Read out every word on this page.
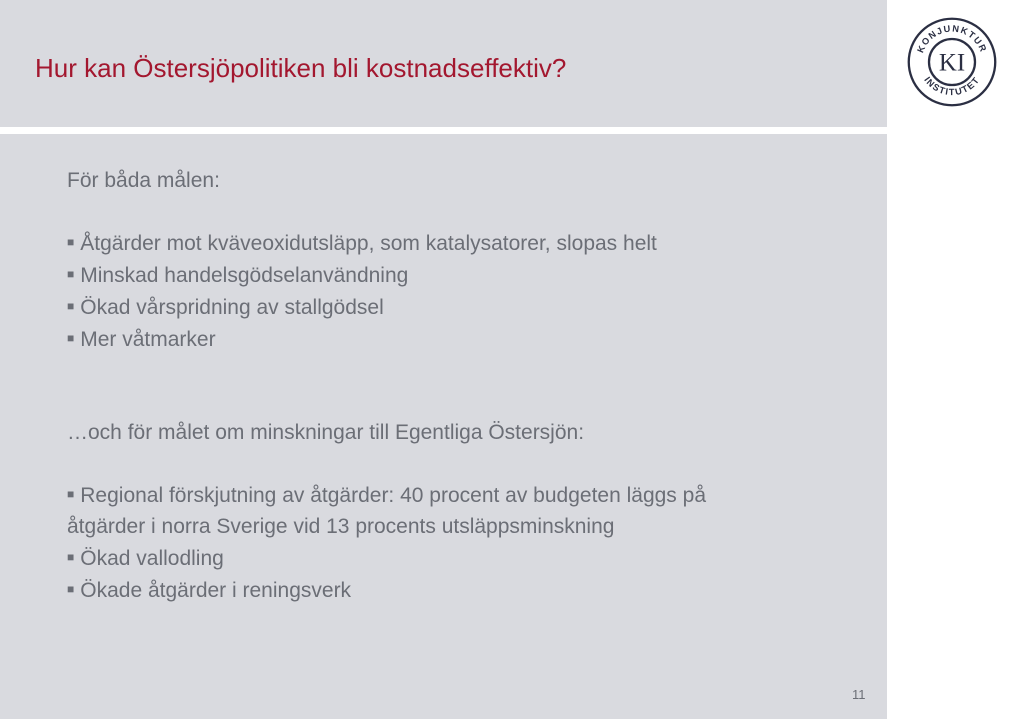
Hur kan Östersjöpolitiken bli kostnadseffektiv?
KONJUNKTUR
INSTITUTET
KI

För båda målen:

■ Åtgärder mot kväveoxidutsläpp, som katalysatorer, slopas helt

■ Minskad handelsgödselanvändning

■ Ökad vårspridning av stallgödsel

■ Mer våtmarker

…och för målet om minskningar till Egentliga Östersjön:

■ Regional förskjutning av åtgärder: 40 procent av budgeten läggs på åtgärder i norra Sverige vid 13 procents utsläppsminskning

■ Ökad vallodling

■ Ökade åtgärder i reningsverk

11
